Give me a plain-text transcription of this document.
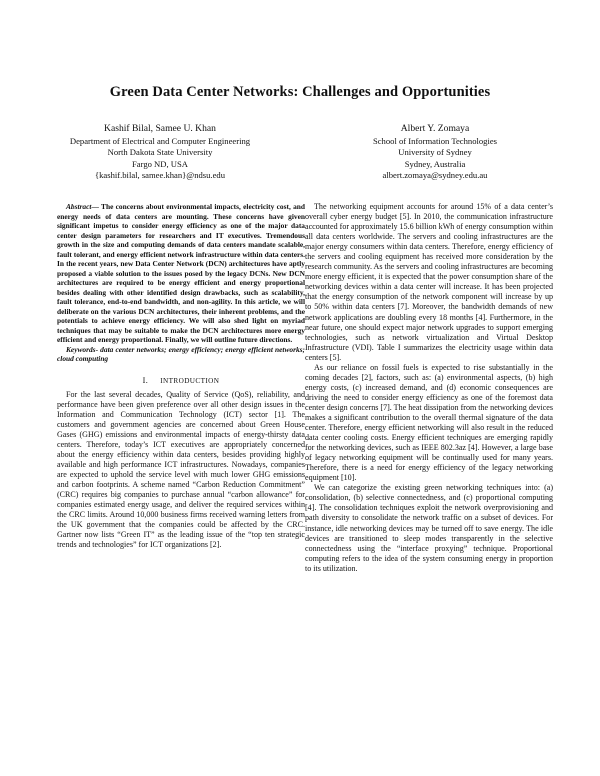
Green Data Center Networks: Challenges and Opportunities
Kashif Bilal, Samee U. Khan
Department of Electrical and Computer Engineering
North Dakota State University
Fargo ND, USA
{kashif.bilal, samee.khan}@ndsu.edu
Albert Y. Zomaya
School of Information Technologies
University of Sydney
Sydney, Australia
albert.zomaya@sydney.edu.au

Abstract— The concerns about environmental impacts, electricity cost, and energy needs of data centers are mounting. These concerns have given significant impetus to consider energy efficiency as one of the major data center design parameters for researchers and IT executives. Tremendous growth in the size and computing demands of data centers mandate scalable, fault tolerant, and energy efficient network infrastructure within data centers. In the recent years, new Data Center Network (DCN) architectures have aptly proposed a viable solution to the issues posed by the legacy DCNs. New DCN architectures are required to be energy efficient and energy proportional besides dealing with other identified design drawbacks, such as scalability, fault tolerance, end-to-end bandwidth, and non-agility. In this article, we will deliberate on the various DCN architectures, their inherent problems, and the potentials to achieve energy efficiency. We will also shed light on myriad techniques that may be suitable to make the DCN architectures more energy efficient and energy proportional. Finally, we will outline future directions.

Keywords- data center networks; energy efficiency; energy efficient networks; cloud computing

I. INTRODUCTION

For the last several decades, Quality of Service (QoS), reliability, and performance have been given preference over all other design issues in the Information and Communication Technology (ICT) sector [1]. The customers and government agencies are concerned about Green House Gases (GHG) emissions and environmental impacts of energy-thirsty data centers. Therefore, today’s ICT executives are appropriately concerned about the energy efficiency within data centers, besides providing highly available and high performance ICT infrastructures. Nowadays, companies are expected to uphold the service level with much lower GHG emissions and carbon footprints. A scheme named “Carbon Reduction Commitment” (CRC) requires big companies to purchase annual “carbon allowance” for companies estimated energy usage, and deliver the required services within the CRC limits. Around 10,000 business firms received warning letters from the UK government that the companies could be affected by the CRC. Gartner now lists “Green IT” as the leading issue of the “top ten strategic trends and technologies” for ICT organizations [2].

The networking equipment accounts for around 15% of a data center’s overall cyber energy budget [5]. In 2010, the communication infrastructure accounted for approximately 15.6 billion kWh of energy consumption within all data centers worldwide. The servers and cooling infrastructures are the major energy consumers within data centers. Therefore, energy efficiency of the servers and cooling equipment has received more consideration by the research community. As the servers and cooling infrastructures are becoming more energy efficient, it is expected that the power consumption share of the networking devices within a data center will increase. It has been projected that the energy consumption of the network component will increase by up to 50% within data centers [7]. Moreover, the bandwidth demands of new network applications are doubling every 18 months [4]. Furthermore, in the near future, one should expect major network upgrades to support emerging technologies, such as network virtualization and Virtual Desktop Infrastructure (VDI). Table I summarizes the electricity usage within data centers [5].

As our reliance on fossil fuels is expected to rise substantially in the coming decades [2], factors, such as: (a) environmental aspects, (b) high energy costs, (c) increased demand, and (d) economic consequences are driving the need to consider energy efficiency as one of the foremost data center design concerns [7]. The heat dissipation from the networking devices makes a significant contribution to the overall thermal signature of the data center. Therefore, energy efficient networking will also result in the reduced data center cooling costs. Energy efficient techniques are emerging rapidly for the networking devices, such as IEEE 802.3az [4]. However, a large base of legacy networking equipment will be continually used for many years. Therefore, there is a need for energy efficiency of the legacy networking equipment [10].

We can categorize the existing green networking techniques into: (a) consolidation, (b) selective connectedness, and (c) proportional computing [4]. The consolidation techniques exploit the network overprovisioning and path diversity to consolidate the network traffic on a subset of devices. For instance, idle networking devices may be turned off to save energy. The idle devices are transitioned to sleep modes transparently in the selective connectedness using the “interface proxying” technique. Proportional computing refers to the idea of the system consuming energy in proportion to its utilization.
